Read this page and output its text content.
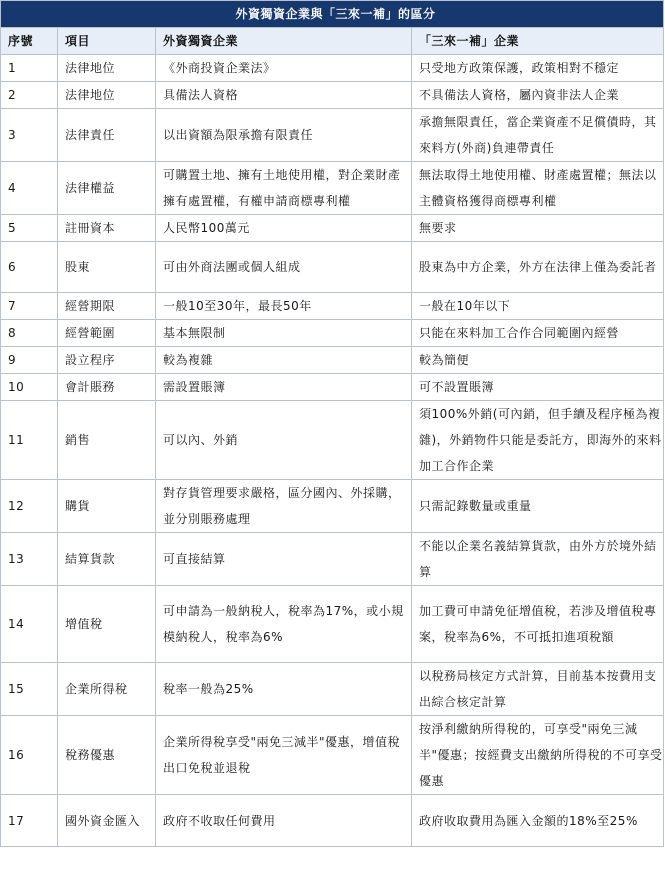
外資獨資企業與「三來一補」的區分			
序號	項目	外資獨資企業	「三來一補」企業
1	法律地位	《外商投資企業法》	只受地方政策保護，政策相對不穩定
2	法律地位	具備法人資格	不具備法人資格，屬內資非法人企業
3	法律責任	以出資額為限承擔有限責任	承擔無限責任，當企業資產不足償債時，其來料方(外商)負連帶責任
4	法律權益	可購置土地、擁有土地使用權，對企業財產擁有處置權，有權申請商標專利權	無法取得土地使用權、財產處置權；無法以主體資格獲得商標專利權
5	註冊資本	人民幣100萬元	無要求
6	股東	可由外商法團或個人組成	股東為中方企業，外方在法律上僅為委託者
7	經營期限	一般10至30年，最長50年	一般在10年以下
8	經營範圍	基本無限制	只能在來料加工合作合同範圍內經營
9	設立程序	較為複雜	較為簡便
10	會計賬務	需設置賬簿	可不設置賬簿
11	銷售	可以內、外銷	須100%外銷(可內銷，但手續及程序極為複雜)，外銷物件只能是委託方，即海外的來料加工合作企業
12	購貨	對存貨管理要求嚴格，區分國內、外採購，並分別賬務處理	只需記錄數量或重量
13	結算貨款	可直接結算	不能以企業名義結算貨款，由外方於境外結算
14	增值稅	可申請為一般納稅人，稅率為17%，或小規模納稅人，稅率為6%	加工費可申請免征增值稅，若涉及增值稅專案，稅率為6%，不可抵扣進項稅額
15	企業所得稅	稅率一般為25%	以稅務局核定方式計算，目前基本按費用支出綜合核定計算
16	稅務優惠	企業所得稅享受"兩免三減半"優惠，增值稅出口免稅並退稅	按淨利繳納所得稅的，可享受"兩免三減半"優惠；按經費支出繳納所得稅的不可享受優惠
17	國外資金匯入	政府不收取任何費用	政府收取費用為匯入金額的18%至25%
